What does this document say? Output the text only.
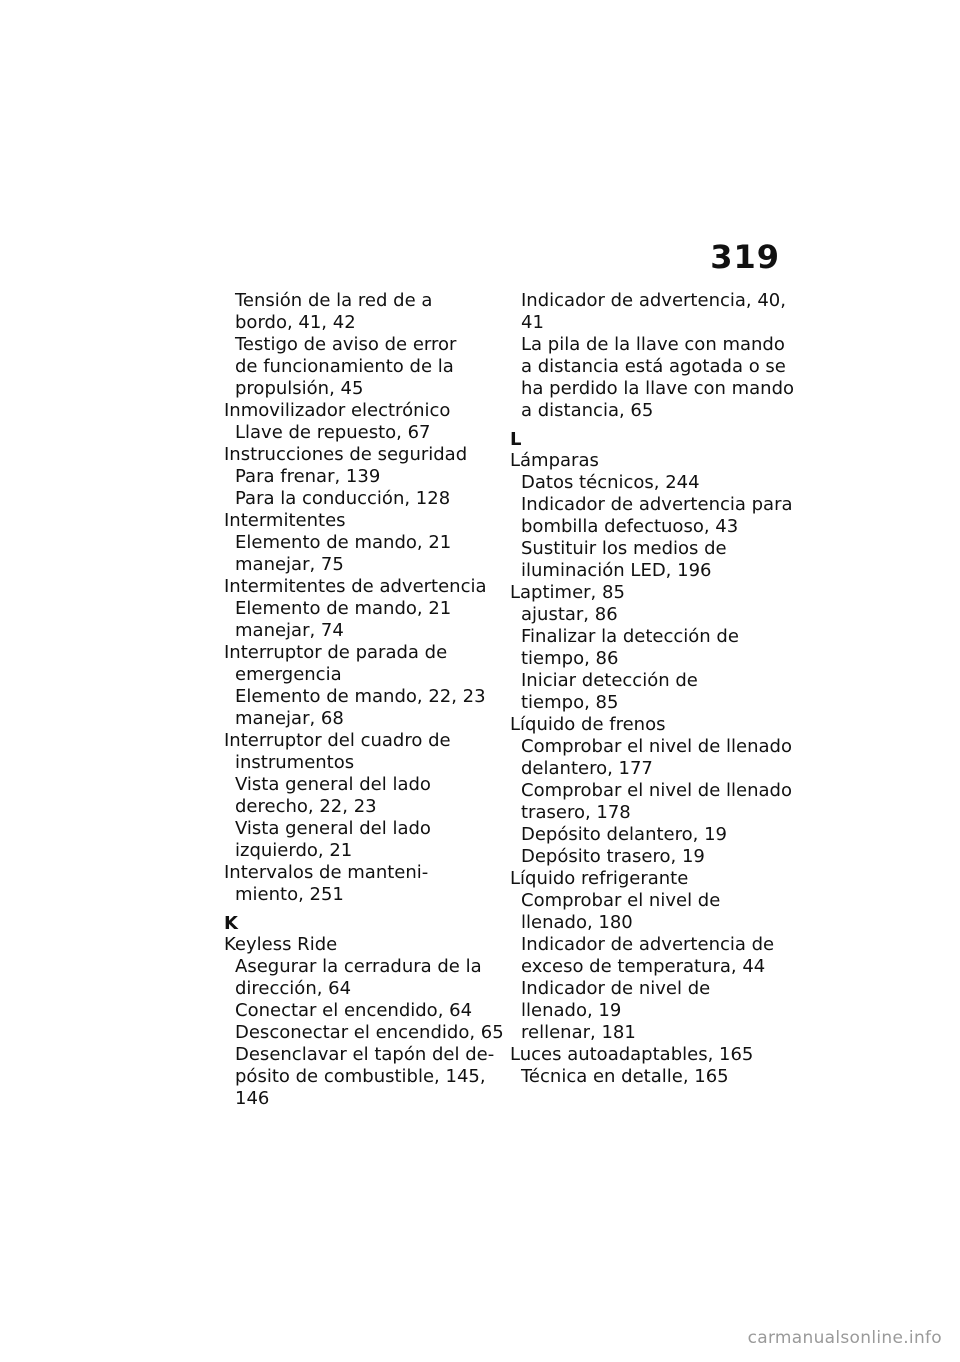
319
Tensión de la red de a
bordo, 41, 42
Testigo de aviso de error
de funcionamiento de la
propulsión, 45
Inmovilizador electrónico
Llave de repuesto, 67
Instrucciones de seguridad
Para frenar, 139
Para la conducción, 128
Intermitentes
Elemento de mando, 21
manejar, 75
Intermitentes de advertencia
Elemento de mando, 21
manejar, 74
Interruptor de parada de
emergencia
Elemento de mando, 22, 23
manejar, 68
Interruptor del cuadro de
instrumentos
Vista general del lado
derecho, 22, 23
Vista general del lado
izquierdo, 21
Intervalos de manteni-
miento, 251
K
Keyless Ride
Asegurar la cerradura de la
dirección, 64
Conectar el encendido, 64
Desconectar el encendido, 65
Desenclavar el tapón del de-
pósito de combustible, 145,
146
Indicador de advertencia, 40,
41
La pila de la llave con mando
a distancia está agotada o se
ha perdido la llave con mando
a distancia, 65
L
Lámparas
Datos técnicos, 244
Indicador de advertencia para
bombilla defectuoso, 43
Sustituir los medios de
iluminación LED, 196
Laptimer, 85
ajustar, 86
Finalizar la detección de
tiempo, 86
Iniciar detección de
tiempo, 85
Líquido de frenos
Comprobar el nivel de llenado
delantero, 177
Comprobar el nivel de llenado
trasero, 178
Depósito delantero, 19
Depósito trasero, 19
Líquido refrigerante
Comprobar el nivel de
llenado, 180
Indicador de advertencia de
exceso de temperatura, 44
Indicador de nivel de
llenado, 19
rellenar, 181
Luces autoadaptables, 165
Técnica en detalle, 165
carmanualsonline.info
